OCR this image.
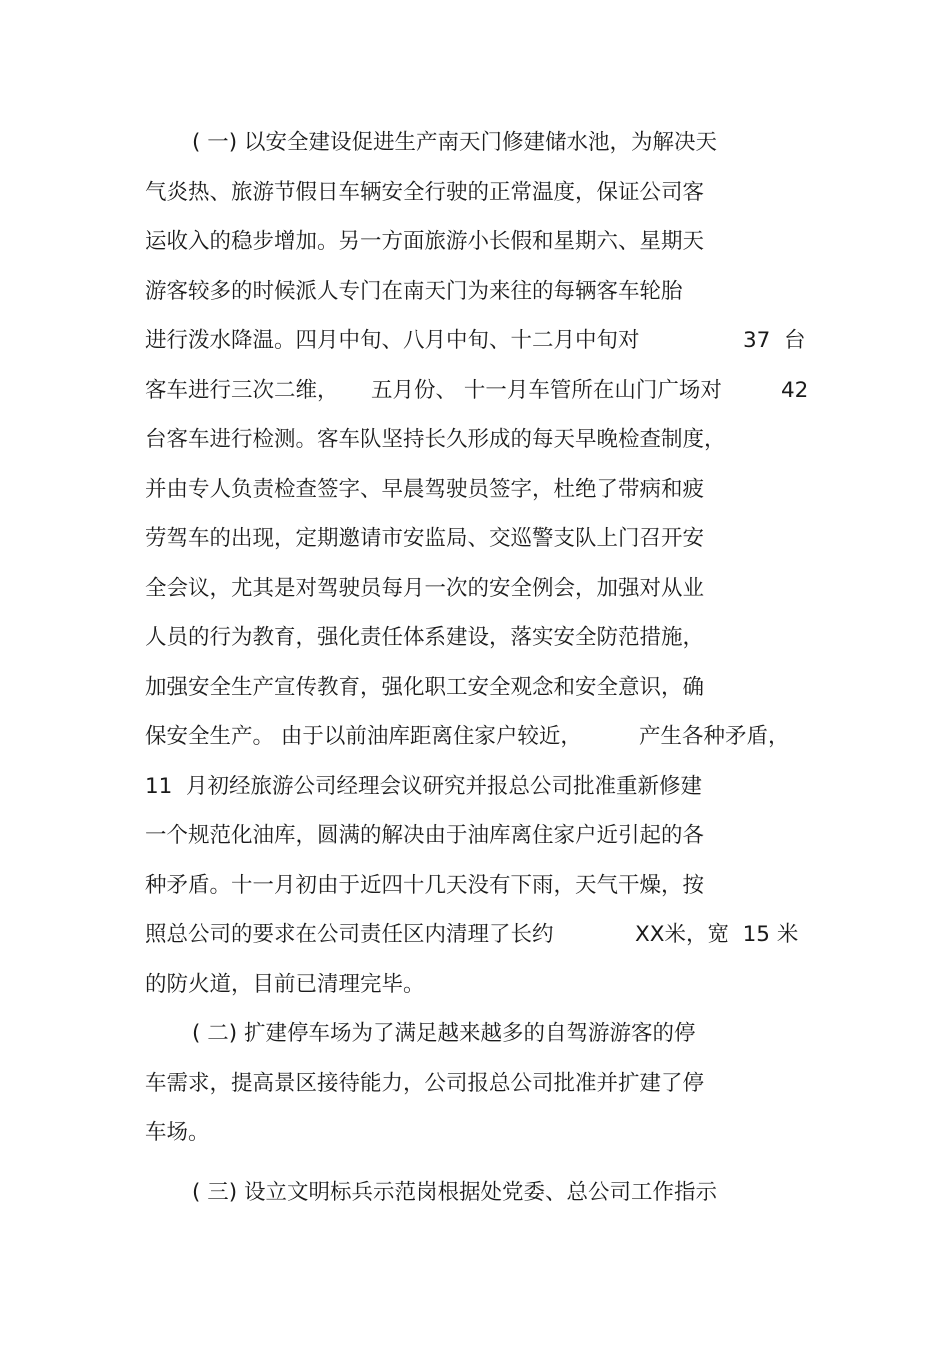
( 一) 以安全建设促进生产南天门修建储水池，为解决天
气炎热、旅游节假日车辆安全行驶的正常温度，保证公司客
运收入的稳步增加。另一方面旅游小长假和星期六、星期天
游客较多的时候派人专门在南天门为来往的每辆客车轮胎

进行泼水降温。四月中旬、八月中旬、十二月中旬对

	37  台

客车进行三次二维，

五月份、 十一月车管所在山门广场对

	42

台客车进行检测。客车队坚持长久形成的每天早晚检查制度，
并由专人负责检查签字、早晨驾驶员签字，杜绝了带病和疲
劳驾车的出现，定期邀请市安监局、交巡警支队上门召开安
全会议，尤其是对驾驶员每月一次的安全例会，加强对从业
人员的行为教育，强化责任体系建设，落实安全防范措施，
加强安全生产宣传教育，强化职工安全观念和安全意识，确

保安全生产。 由于以前油库距离住家户较近，

	产生各种矛盾，

11  月初经旅游公司经理会议研究并报总公司批准重新修建
一个规范化油库，圆满的解决由于油库离住家户近引起的各
种矛盾。十一月初由于近四十几天没有下雨，天气干燥，按

照总公司的要求在公司责任区内清理了长约

	XX米，宽  15 米

的防火道，目前已清理完毕。
( 二) 扩建停车场为了满足越来越多的自驾游游客的停
车需求，提高景区接待能力，公司报总公司批准并扩建了停
车场。
( 三) 设立文明标兵示范岗根据处党委、总公司工作指示
